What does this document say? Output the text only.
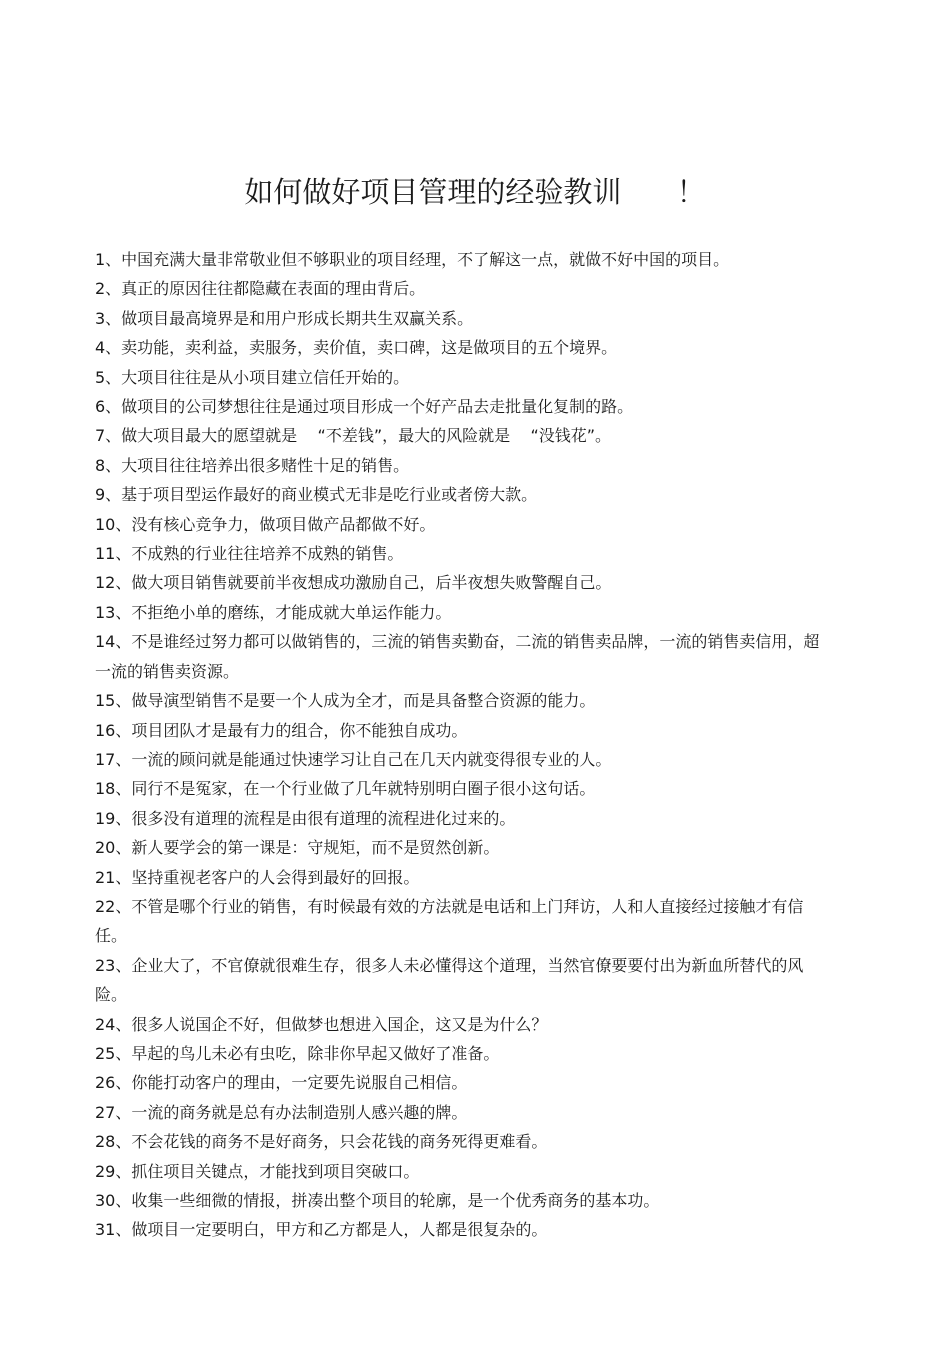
如何做好项目管理的经验教训      ！
1、中国充满大量非常敬业但不够职业的项目经理，不了解这一点，就做不好中国的项目。
2、真正的原因往往都隐藏在表面的理由背后。
3、做项目最高境界是和用户形成长期共生双赢关系。
4、卖功能，卖利益，卖服务，卖价值，卖口碑，这是做项目的五个境界。
5、大项目往往是从小项目建立信任开始的。
6、做项目的公司梦想往往是通过项目形成一个好产品去走批量化复制的路。
7、做大项目最大的愿望就是    “不差钱”，最大的风险就是    “没钱花”。
8、大项目往往培养出很多赌性十足的销售。
9、基于项目型运作最好的商业模式无非是吃行业或者傍大款。
10、没有核心竞争力，做项目做产品都做不好。
11、不成熟的行业往往培养不成熟的销售。
12、做大项目销售就要前半夜想成功激励自己，后半夜想失败警醒自己。
13、不拒绝小单的磨练，才能成就大单运作能力。
14、不是谁经过努力都可以做销售的，三流的销售卖勤奋，二流的销售卖品牌，一流的销售卖信用，超一流的销售卖资源。
15、做导演型销售不是要一个人成为全才，而是具备整合资源的能力。
16、项目团队才是最有力的组合，你不能独自成功。
17、一流的顾问就是能通过快速学习让自己在几天内就变得很专业的人。
18、同行不是冤家，在一个行业做了几年就特别明白圈子很小这句话。
19、很多没有道理的流程是由很有道理的流程进化过来的。
20、新人要学会的第一课是：守规矩，而不是贸然创新。
21、坚持重视老客户的人会得到最好的回报。
22、不管是哪个行业的销售，有时候最有效的方法就是电话和上门拜访，人和人直接经过接触才有信任。
23、企业大了，不官僚就很难生存，很多人未必懂得这个道理，当然官僚要要付出为新血所替代的风险。
24、很多人说国企不好，但做梦也想进入国企，这又是为什么？
25、早起的鸟儿未必有虫吃，除非你早起又做好了准备。
26、你能打动客户的理由，一定要先说服自己相信。
27、一流的商务就是总有办法制造别人感兴趣的牌。
28、不会花钱的商务不是好商务，只会花钱的商务死得更难看。
29、抓住项目关键点，才能找到项目突破口。
30、收集一些细微的情报，拼凑出整个项目的轮廓，是一个优秀商务的基本功。
31、做项目一定要明白，甲方和乙方都是人，人都是很复杂的。
